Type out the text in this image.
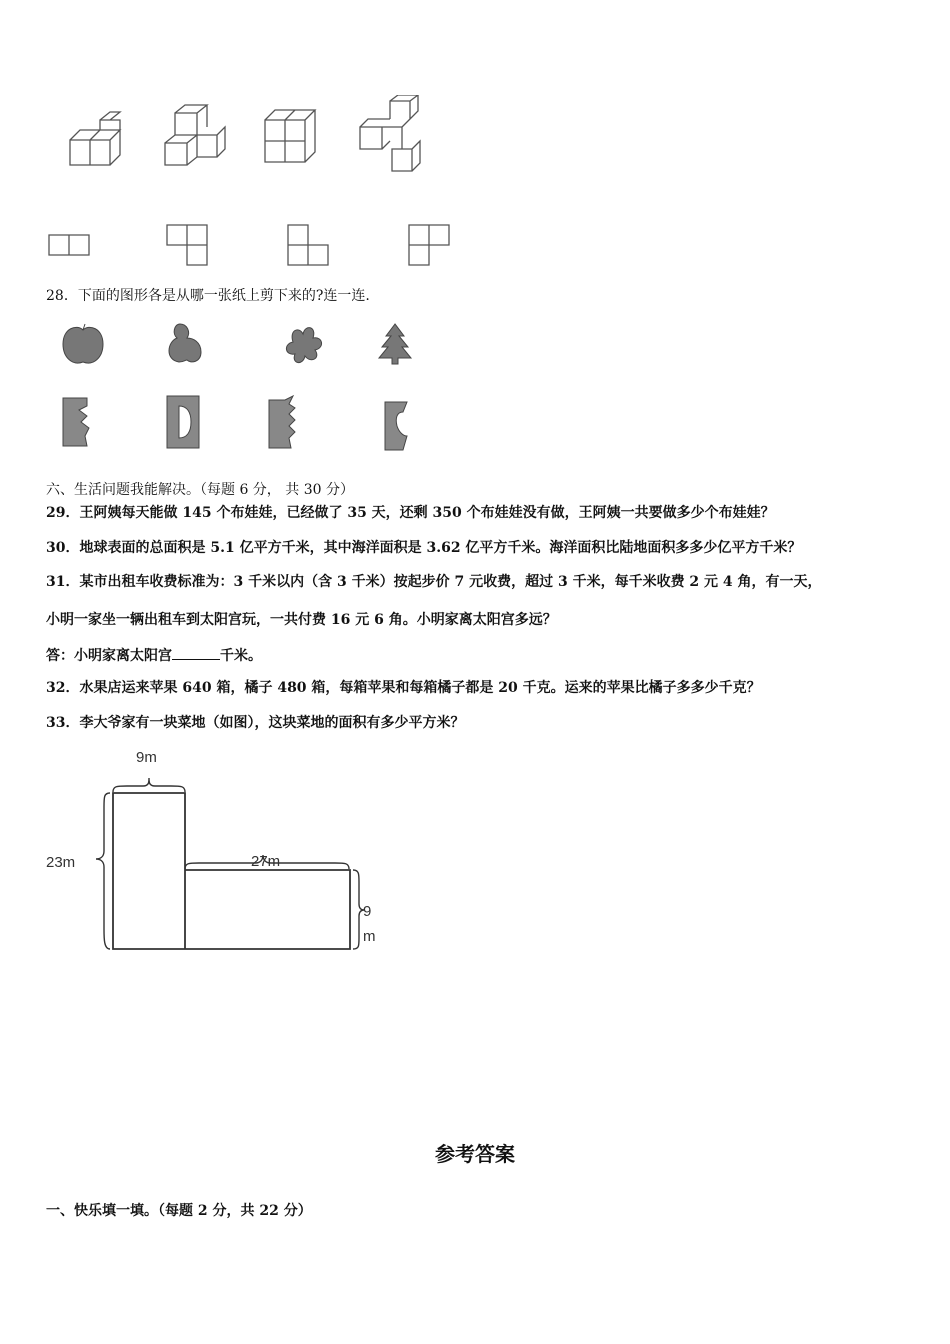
28．下面的图形各是从哪一张纸上剪下来的?连一连.
六、生活问题我能解决。（每题 6 分， 共 30 分）
29．王阿姨每天能做 145 个布娃娃，已经做了 35 天，还剩 350 个布娃娃没有做，王阿姨一共要做多少个布娃娃？
30．地球表面的总面积是 5.1 亿平方千米，其中海洋面积是 3.62 亿平方千米。海洋面积比陆地面积多多少亿平方千米？
31．某市出租车收费标准为：3 千米以内（含 3 千米）按起步价 7 元收费，超过 3 千米，每千米收费 2 元 4 角，有一天，
小明一家坐一辆出租车到太阳宫玩，一共付费 16 元 6 角。小明家离太阳宫多远？
答：小明家离太阳宫	千米。
32．水果店运来苹果 640 箱，橘子 480 箱，每箱苹果和每箱橘子都是 20 千克。运来的苹果比橘子多多少千克？
33．李大爷家有一块菜地（如图），这块菜地的面积有多少平方米？
9m
23m	27m
9
m
参考答案
一、快乐填一填。（每题 2 分，共 22 分）
